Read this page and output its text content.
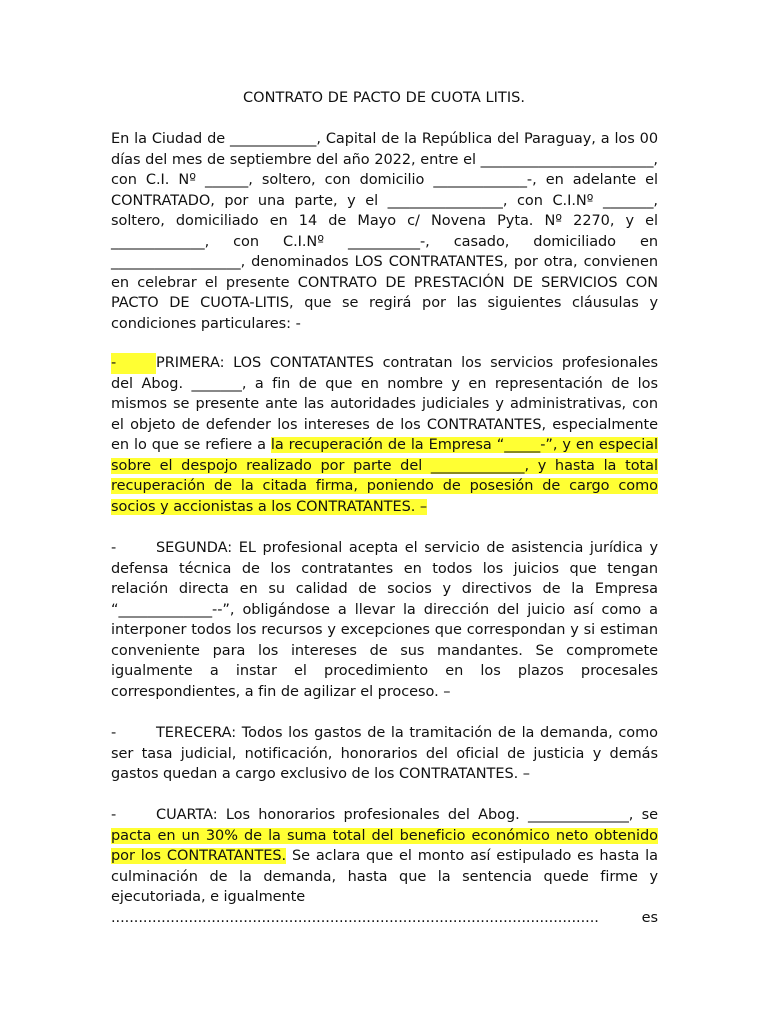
CONTRATO DE PACTO DE CUOTA LITIS.

En la Ciudad de ____________, Capital de la República del Paraguay, a los 00 días del mes de septiembre del año 2022, entre el ________________________, con C.I. Nº ______, soltero, con domicilio _____________-, en adelante el CONTRATADO, por una parte, y el ________________, con C.I.Nº _______, soltero, domiciliado en 14 de Mayo c/ Novena Pyta. Nº 2270, y el _____________, con C.I.Nº __________-, casado, domiciliado en __________________, denominados LOS CONTRATANTES, por otra, convienen en celebrar el presente CONTRATO DE PRESTACIÓN DE SERVICIOS CON PACTO DE CUOTA-LITIS, que se regirá por las siguientes cláusulas y condiciones particulares: -

-	PRIMERA: LOS CONTATANTES contratan los servicios profesionales del Abog. _______, a fin de que en nombre y en representación de los mismos se presente ante las autoridades judiciales y administrativas, con el objeto de defender los intereses de los CONTRATANTES, especialmente en lo que se refiere a la recuperación de la Empresa “_____-”, y en especial sobre el despojo realizado por parte del _____________, y hasta la total recuperación de la citada firma, poniendo de posesión de cargo como socios y accionistas a los CONTRATANTES. –

-	SEGUNDA: EL profesional acepta el servicio de asistencia jurídica y defensa técnica de los contratantes en todos los juicios que tengan relación directa en su calidad de socios y directivos de la Empresa “_____________--”, obligándose a llevar la dirección del juicio así como a interponer todos los recursos y excepciones que correspondan y si estiman conveniente para los intereses de sus mandantes. Se compromete igualmente a instar el procedimiento en los plazos procesales correspondientes, a fin de agilizar el proceso. –

-	TERECERA: Todos los gastos de la tramitación de la demanda, como ser tasa judicial, notificación, honorarios del oficial de justicia y demás gastos quedan a cargo exclusivo de los CONTRATANTES. –

-	CUARTA: Los honorarios profesionales del Abog. ______________, se pacta en un 30% de la suma total del beneficio económico neto obtenido por los CONTRATANTES. Se aclara que el monto así estipulado es hasta la culminación de la demanda, hasta que la sentencia quede firme y ejecutoriada, e igualmente

...........................................................................................................	es
